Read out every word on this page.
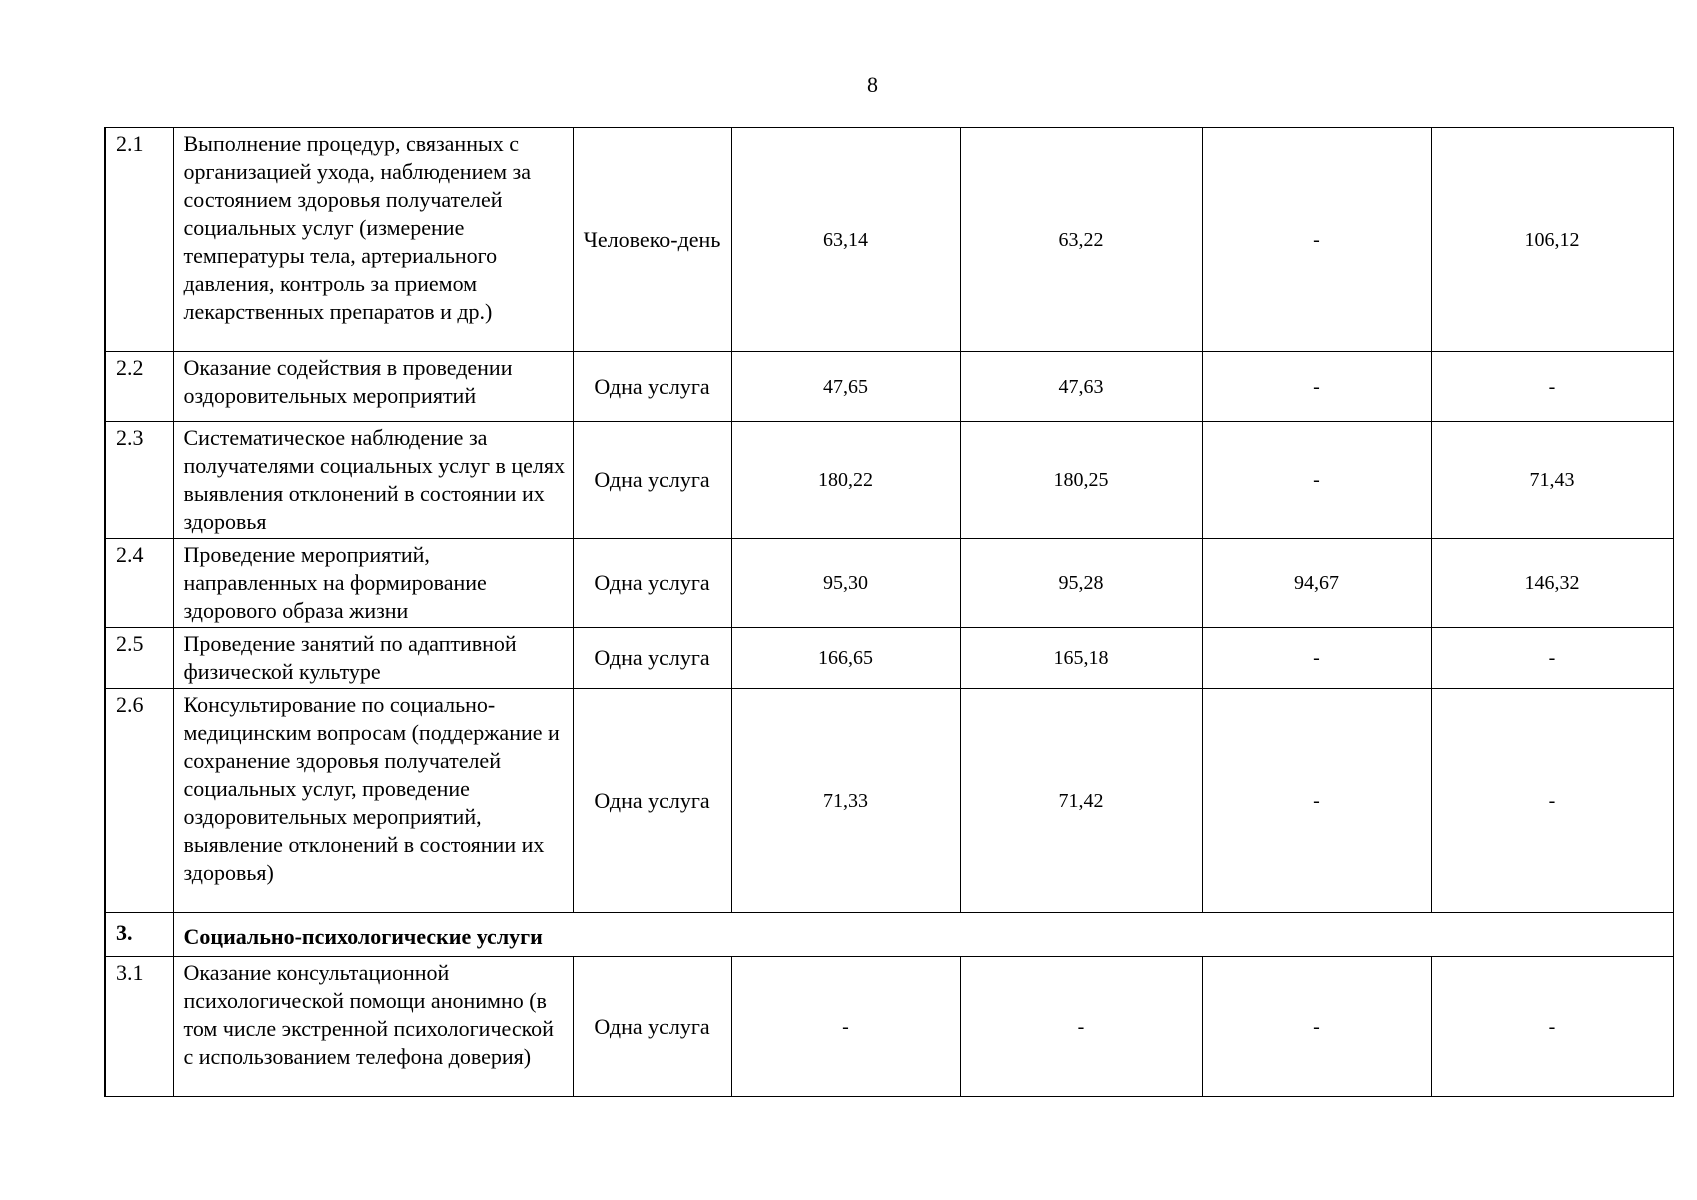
8
2.1	Выполнение процедур, связанных с организацией ухода, наблюдением за состоянием здоровья получателей социальных услуг (измерение температуры тела, артериального давления, контроль за приемом лекарственных препаратов и др.)	Человеко-день	63,14	63,22	-	106,12
2.2	Оказание содействия в проведении оздоровительных мероприятий	Одна услуга	47,65	47,63	-	-
2.3	Систематическое наблюдение за получателями социальных услуг в целях выявления отклонений в состоянии их здоровья	Одна услуга	180,22	180,25	-	71,43
2.4	Проведение мероприятий, направленных на формирование здорового образа жизни	Одна услуга	95,30	95,28	94,67	146,32
2.5	Проведение занятий по адаптивной физической культуре	Одна услуга	166,65	165,18	-	-
2.6	Консультирование по социально-медицинским вопросам (поддержание и сохранение здоровья получателей социальных услуг, проведение оздоровительных мероприятий, выявление отклонений в состоянии их здоровья)	Одна услуга	71,33	71,42	-	-
3.	Социально-психологические услуги					
3.1	Оказание консультационной психологической помощи анонимно (в том числе экстренной психологической с использованием телефона доверия)	Одна услуга	-	-	-	-
